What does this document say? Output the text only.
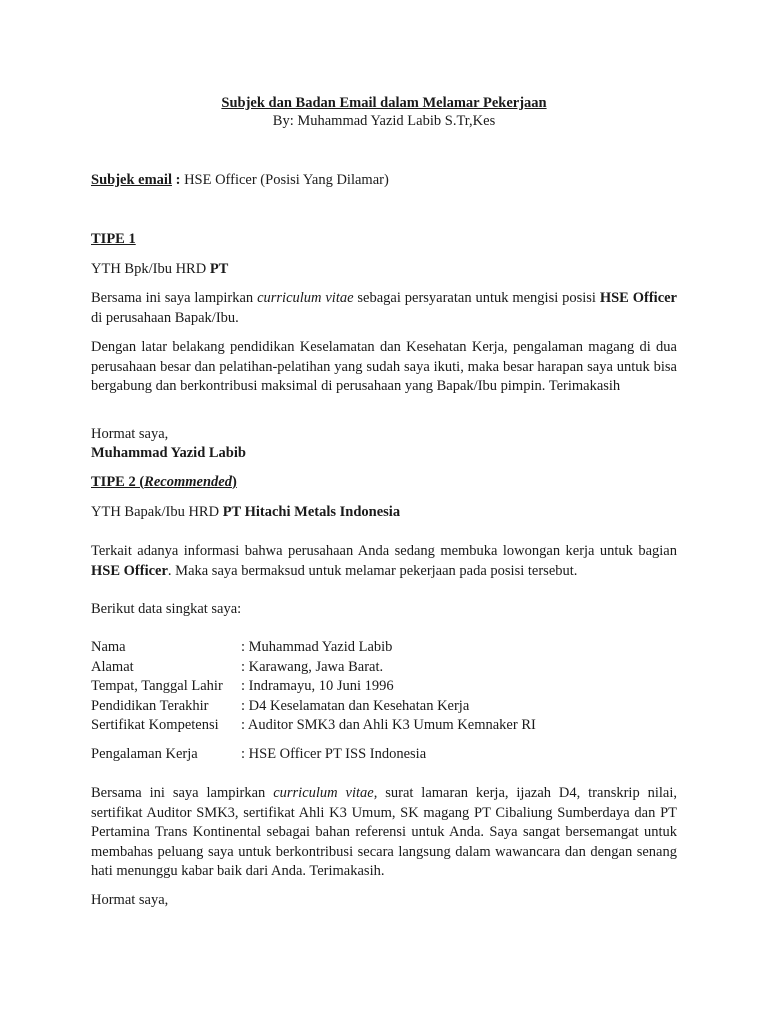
Subjek dan Badan Email dalam Melamar Pekerjaan
By: Muhammad Yazid Labib S.Tr,Kes
Subjek email : HSE Officer (Posisi Yang Dilamar)
TIPE 1
YTH Bpk/Ibu HRD PT
Bersama ini saya lampirkan curriculum vitae sebagai persyaratan untuk mengisi posisi HSE Officer di perusahaan Bapak/Ibu.
Dengan latar belakang pendidikan Keselamatan dan Kesehatan Kerja, pengalaman magang di dua perusahaan besar dan pelatihan-pelatihan yang sudah saya ikuti, maka besar harapan saya untuk bisa bergabung dan berkontribusi maksimal di perusahaan yang Bapak/Ibu pimpin. Terimakasih
Hormat saya,
Muhammad Yazid Labib
TIPE 2 (Recommended)
YTH Bapak/Ibu HRD PT Hitachi Metals Indonesia
Terkait adanya informasi bahwa perusahaan Anda sedang membuka lowongan kerja untuk bagian HSE Officer. Maka saya bermaksud untuk melamar pekerjaan pada posisi tersebut.
Berikut data singkat saya:
Nama	: Muhammad Yazid Labib
Alamat	: Karawang, Jawa Barat.
Tempat, Tanggal Lahir	: Indramayu, 10 Juni 1996
Pendidikan Terakhir	: D4 Keselamatan dan Kesehatan Kerja
Sertifikat Kompetensi	: Auditor SMK3 dan Ahli K3 Umum Kemnaker RI
Pengalaman Kerja	: HSE Officer PT ISS Indonesia
Bersama ini saya lampirkan curriculum vitae, surat lamaran kerja, ijazah D4, transkrip nilai, sertifikat Auditor SMK3, sertifikat Ahli K3 Umum, SK magang PT Cibaliung Sumberdaya dan PT Pertamina Trans Kontinental sebagai bahan referensi untuk Anda. Saya sangat bersemangat untuk membahas peluang saya untuk berkontribusi secara langsung dalam wawancara dan dengan senang hati menunggu kabar baik dari Anda. Terimakasih.
Hormat saya,
